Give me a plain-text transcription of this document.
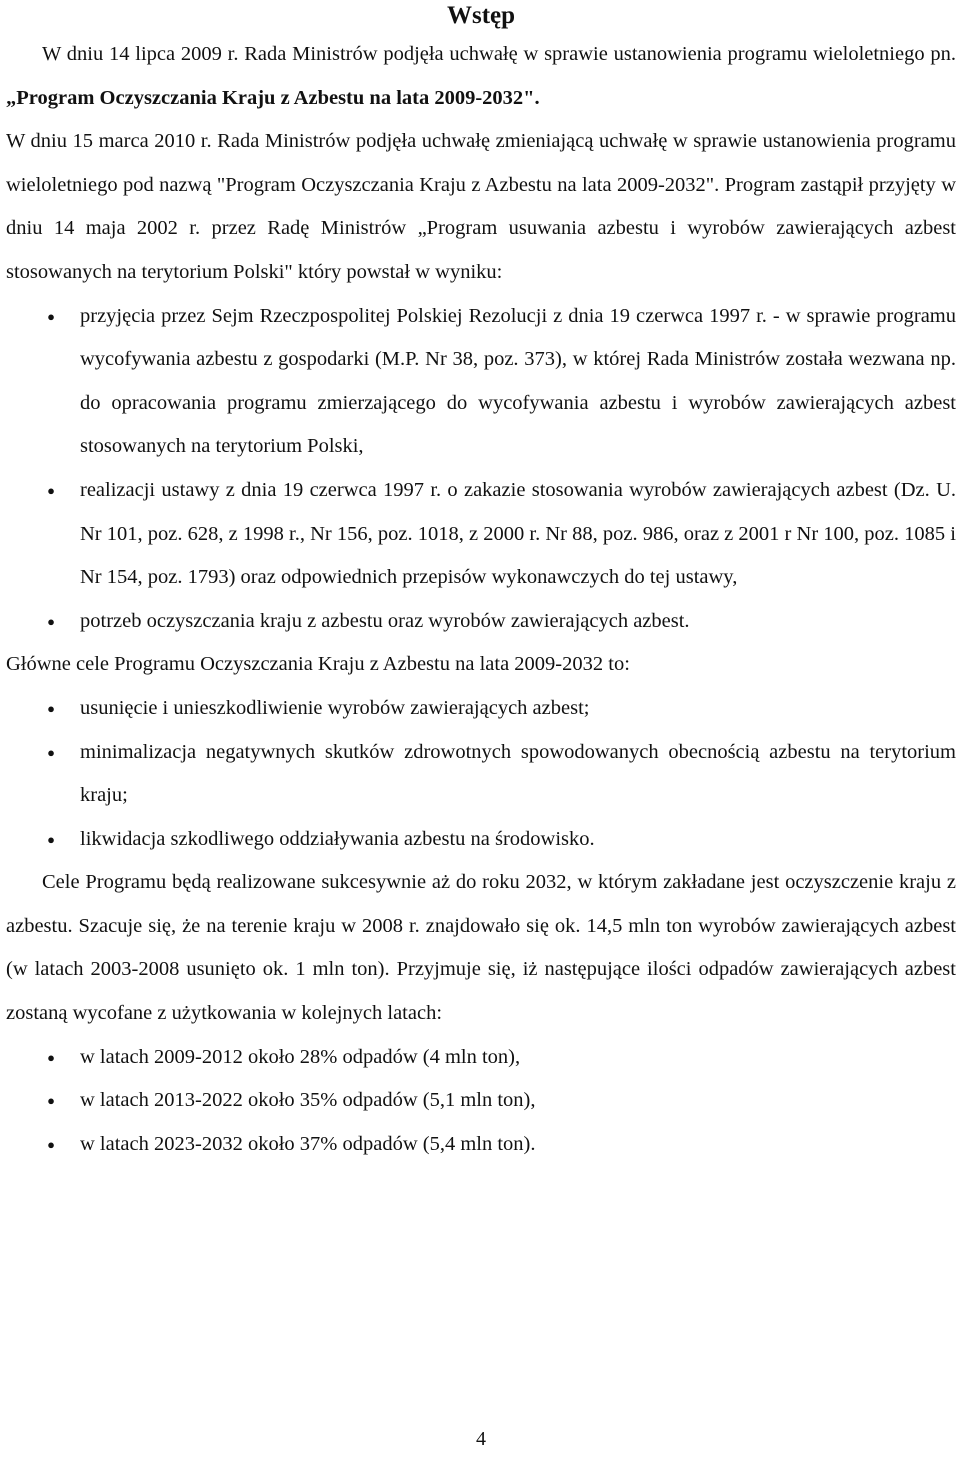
Wstęp

W dniu 14 lipca 2009 r. Rada Ministrów podjęła uchwałę w sprawie ustanowienia programu wieloletniego pn. „Program Oczyszczania Kraju z Azbestu na lata 2009-2032".

W dniu 15 marca 2010 r. Rada Ministrów podjęła uchwałę zmieniającą uchwałę w sprawie ustanowienia programu wieloletniego pod nazwą "Program Oczyszczania Kraju z Azbestu na lata 2009-2032". Program zastąpił przyjęty w dniu 14 maja 2002 r. przez Radę Ministrów „Program usuwania azbestu i wyrobów zawierających azbest stosowanych na terytorium Polski" który powstał w wyniku:

● przyjęcia przez Sejm Rzeczpospolitej Polskiej Rezolucji z dnia 19 czerwca 1997 r. - w sprawie programu wycofywania azbestu z gospodarki (M.P. Nr 38, poz. 373), w której Rada Ministrów została wezwana np. do opracowania programu zmierzającego do wycofywania azbestu i wyrobów zawierających azbest stosowanych na terytorium Polski,
● realizacji ustawy z dnia 19 czerwca 1997 r. o zakazie stosowania wyrobów zawierających azbest (Dz. U. Nr 101, poz. 628, z 1998 r., Nr 156, poz. 1018, z 2000 r. Nr 88, poz. 986, oraz z 2001 r Nr 100, poz. 1085 i Nr 154, poz. 1793) oraz odpowiednich przepisów wykonawczych do tej ustawy,
● potrzeb oczyszczania kraju z azbestu oraz wyrobów zawierających azbest.

Główne cele Programu Oczyszczania Kraju z Azbestu na lata 2009-2032 to:

● usunięcie i unieszkodliwienie wyrobów zawierających azbest;
● minimalizacja negatywnych skutków zdrowotnych spowodowanych obecnością azbestu na terytorium kraju;
● likwidacja szkodliwego oddziaływania azbestu na środowisko.

Cele Programu będą realizowane sukcesywnie aż do roku 2032, w którym zakładane jest oczyszczenie kraju z azbestu. Szacuje się, że na terenie kraju w 2008 r. znajdowało się ok. 14,5 mln ton wyrobów zawierających azbest (w latach 2003-2008 usunięto ok. 1 mln ton). Przyjmuje się, iż następujące ilości odpadów zawierających azbest zostaną wycofane z użytkowania w kolejnych latach:

● w latach 2009-2012 około 28% odpadów (4 mln ton),
● w latach 2013-2022 około 35% odpadów (5,1 mln ton),
● w latach 2023-2032 około 37% odpadów (5,4 mln ton).
4
